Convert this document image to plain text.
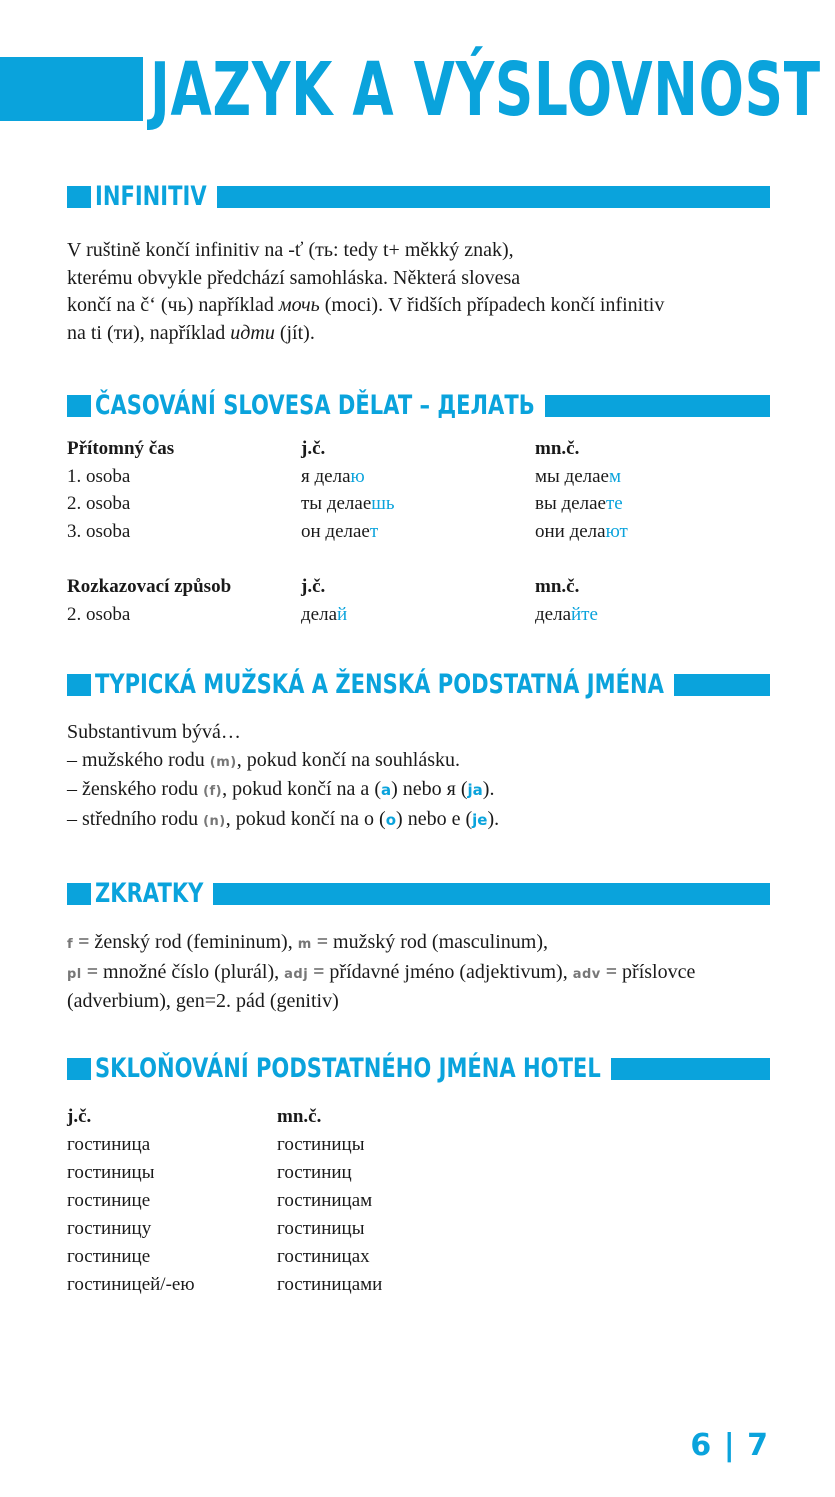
JAZYK A VÝSLOVNOST
INFINITIV

V ruštině končí infinitiv na -ť (ть: tedy t+ měkký znak),

kterému obvykle předchází samohláska. Některá slovesa

končí na č‘ (чь) například мочь (moci). V řidších případech končí infinitiv

na ti (ти), například идти (jít).

ČASOVÁNÍ SLOVESA DĚLAT – ДЕЛАТЬ
Přítomný čas	j.č.	mn.č.
1. osoba	я делаю	мы делаем
2. osoba	ты делаешь	вы делаете
3. osoba	он делает	они делают
Rozkazovací způsob	j.č.	mn.č.
2. osoba	делай	делайте
TYPICKÁ MUŽSKÁ A ŽENSKÁ PODSTATNÁ JMÉNA

Substantivum bývá…

– mužského rodu (m), pokud končí na souhlásku.

– ženského rodu (f), pokud končí na a (a) nebo я (ja).

– středního rodu (n), pokud končí na o (o) nebo e (je).

ZKRATKY

f = ženský rod (femininum), m = mužský rod (masculinum),

pl = množné číslo (plurál), adj = přídavné jméno (adjektivum), adv = příslovce

(adverbium), gen=2. pád (genitiv)

SKLOŇOVÁNÍ PODSTATNÉHO JMÉNA HOTEL
j.č.	mn.č.
гостиница	гостиницы
гостиницы	гостиниц
гостинице	гостиницам
гостиницу	гостиницы
гостинице	гостиницах
гостиницей/-ею	гостиницами
6 | 7
